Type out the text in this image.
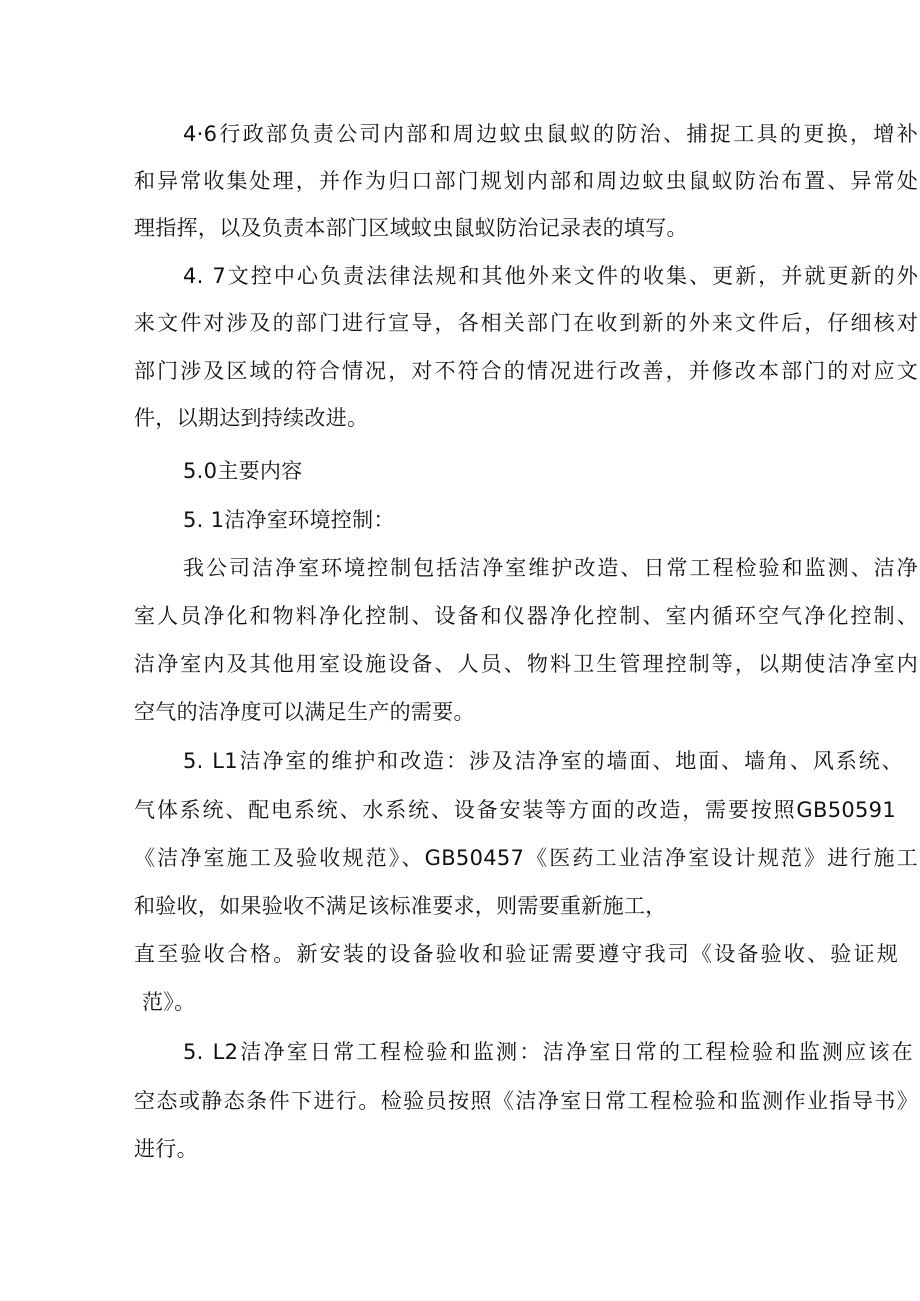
4·6行政部负责公司内部和周边蚊虫鼠蚁的防治、捕捉工具的更换，增补
和异常收集处理，并作为归口部门规划内部和周边蚊虫鼠蚁防治布置、异常处
理指挥，以及负责本部门区域蚊虫鼠蚁防治记录表的填写。
4. 7文控中心负责法律法规和其他外来文件的收集、更新，并就更新的外
来文件对涉及的部门进行宣导，各相关部门在收到新的外来文件后，仔细核对
部门涉及区域的符合情况，对不符合的情况进行改善，并修改本部门的对应文
件，以期达到持续改进。
5.0主要内容
5. 1洁净室环境控制：
我公司洁净室环境控制包括洁净室维护改造、日常工程检验和监测、洁净
室人员净化和物料净化控制、设备和仪器净化控制、室内循环空气净化控制、
洁净室内及其他用室设施设备、人员、物料卫生管理控制等，以期使洁净室内
空气的洁净度可以满足生产的需要。
5. L1洁净室的维护和改造：涉及洁净室的墙面、地面、墙角、风系统、
气体系统、配电系统、水系统、设备安装等方面的改造，需要按照GB50591
《洁净室施工及验收规范》、GB50457《医药工业洁净室设计规范》进行施工
和验收，如果验收不满足该标准要求，则需要重新施工，
直至验收合格。新安装的设备验收和验证需要遵守我司《设备验收、验证规
范》。
5. L2洁净室日常工程检验和监测：洁净室日常的工程检验和监测应该在
空态或静态条件下进行。检验员按照《洁净室日常工程检验和监测作业指导书》
进行。
